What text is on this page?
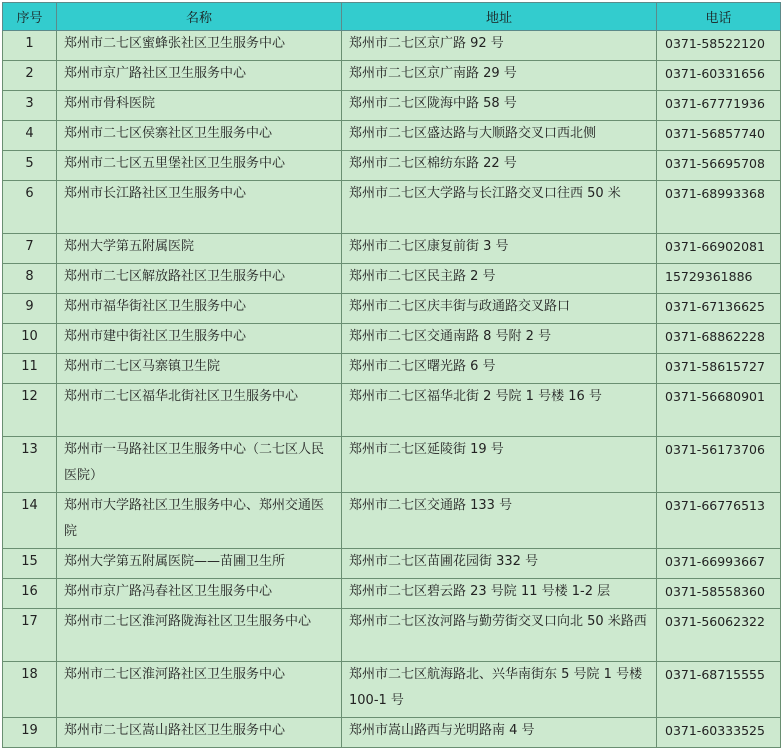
序号	名称	地址	电话

1	郑州市二七区蜜蜂张社区卫生服务中心	郑州市二七区京广路 92 号	0371-58522120

2	郑州市京广路社区卫生服务中心	郑州市二七区京广南路 29 号	0371-60331656

3	郑州市骨科医院	郑州市二七区陇海中路 58 号	0371-67771936

4	郑州市二七区侯寨社区卫生服务中心	郑州市二七区盛达路与大顺路交叉口西北侧	0371-56857740

5	郑州市二七区五里堡社区卫生服务中心	郑州市二七区棉纺东路 22 号	0371-56695708

6	郑州市长江路社区卫生服务中心	郑州市二七区大学路与长江路交叉口往西 50 米	0371-68993368

7	郑州大学第五附属医院	郑州市二七区康复前街 3 号	0371-66902081

8	郑州市二七区解放路社区卫生服务中心	郑州市二七区民主路 2 号	15729361886

9	郑州市福华街社区卫生服务中心	郑州市二七区庆丰街与政通路交叉路口	0371-67136625

10	郑州市建中街社区卫生服务中心	郑州市二七区交通南路 8 号附 2 号	0371-68862228

11	郑州市二七区马寨镇卫生院	郑州市二七区曙光路 6 号	0371-58615727

12	郑州市二七区福华北街社区卫生服务中心	郑州市二七区福华北街 2 号院 1 号楼 16 号	0371-56680901

13	郑州市一马路社区卫生服务中心（二七区人民医院）	郑州市二七区延陵街 19 号	0371-56173706

14	郑州市大学路社区卫生服务中心、郑州交通医院	郑州市二七区交通路 133 号	0371-66776513

15	郑州大学第五附属医院——苗圃卫生所	郑州市二七区苗圃花园街 332 号	0371-66993667

16	郑州市京广路冯春社区卫生服务中心	郑州市二七区碧云路 23 号院 11 号楼 1-2 层	0371-58558360

17	郑州市二七区淮河路陇海社区卫生服务中心	郑州市二七区汝河路与勤劳街交叉口向北 50 米路西	0371-56062322

18	郑州市二七区淮河路社区卫生服务中心	郑州市二七区航海路北、兴华南街东 5 号院 1 号楼 100-1 号	0371-68715555

19	郑州市二七区嵩山路社区卫生服务中心	郑州市嵩山路西与光明路南 4 号	0371-60333525
